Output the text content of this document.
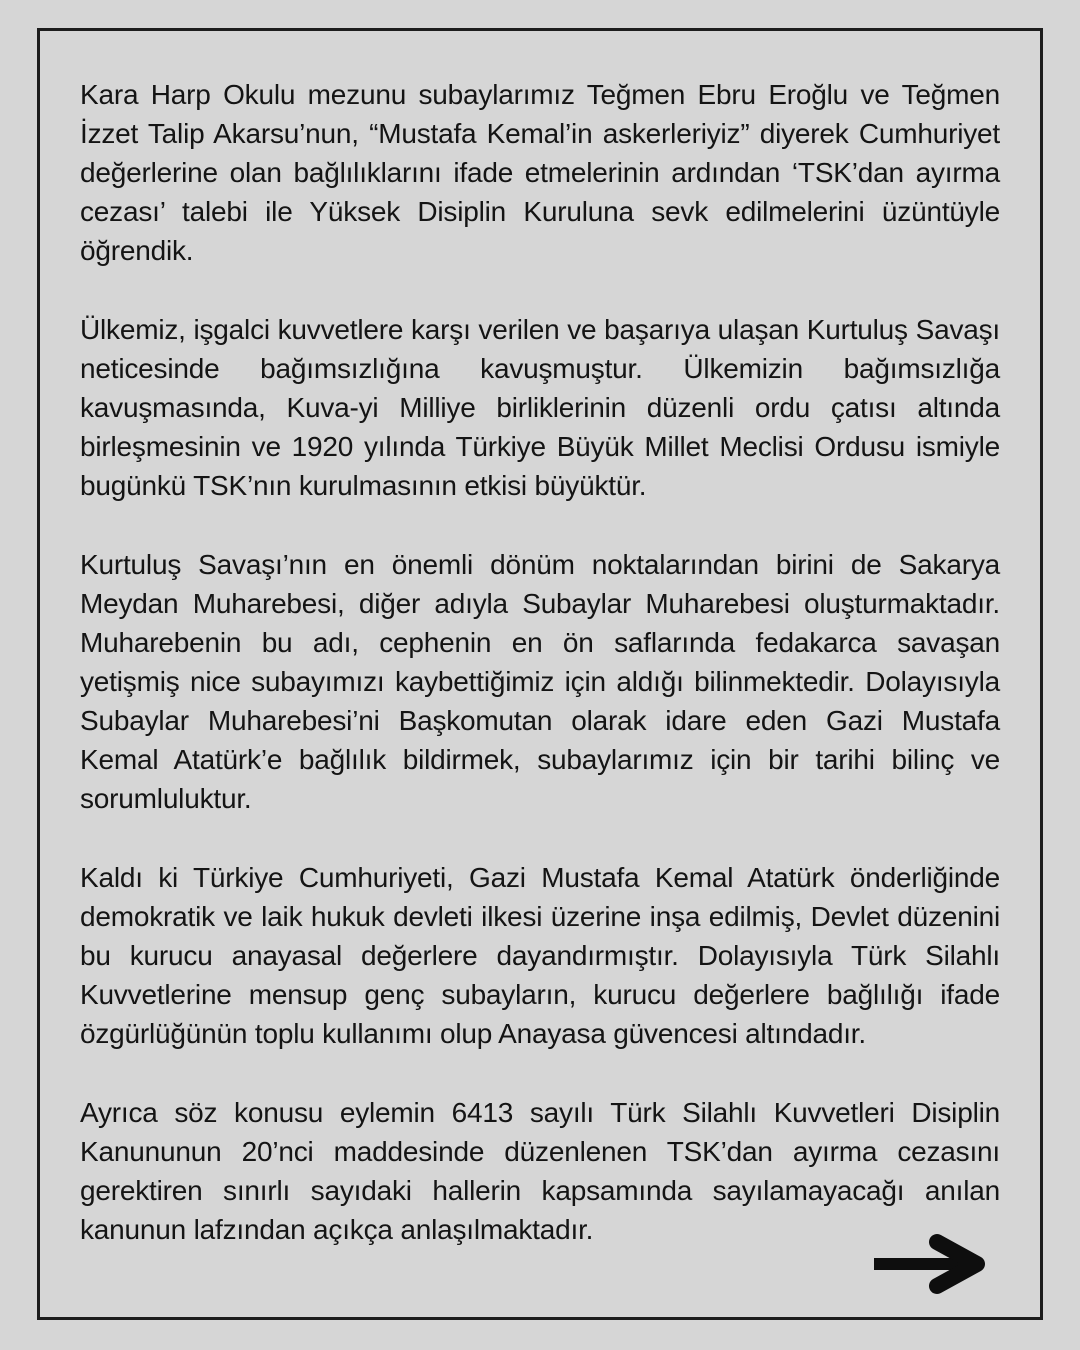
Kara Harp Okulu mezunu subaylarımız Teğmen Ebru Eroğlu ve Teğmen İzzet Talip Akarsu’nun, “Mustafa Kemal’in askerleriyiz” diyerek Cumhuriyet değerlerine olan bağlılıklarını ifade etmelerinin ardından ‘TSK’dan ayırma cezası’ talebi ile Yüksek Disiplin Kuruluna sevk edilmelerini üzüntüyle öğrendik.

Ülkemiz, işgalci kuvvetlere karşı verilen ve başarıya ulaşan Kurtuluş Savaşı neticesinde bağımsızlığına kavuşmuştur. Ülkemizin bağımsızlığa kavuşmasında, Kuva-yi Milliye birliklerinin düzenli ordu çatısı altında birleşmesinin ve 1920 yılında Türkiye Büyük Millet Meclisi Ordusu ismiyle bugünkü TSK’nın kurulmasının etkisi büyüktür.

Kurtuluş Savaşı’nın en önemli dönüm noktalarından birini de Sakarya Meydan Muharebesi, diğer adıyla Subaylar Muharebesi oluşturmaktadır. Muharebenin bu adı, cephenin en ön saflarında fedakarca savaşan yetişmiş nice subayımızı kaybettiğimiz için aldığı bilinmektedir. Dolayısıyla Subaylar Muharebesi’ni Başkomutan olarak idare eden Gazi Mustafa Kemal Atatürk’e bağlılık bildirmek, subaylarımız için bir tarihi bilinç ve sorumluluktur.

Kaldı ki Türkiye Cumhuriyeti, Gazi Mustafa Kemal Atatürk önderliğinde demokratik ve laik hukuk devleti ilkesi üzerine inşa edilmiş, Devlet düzenini bu kurucu anayasal değerlere dayandırmıştır. Dolayısıyla Türk Silahlı Kuvvetlerine mensup genç subayların, kurucu değerlere bağlılığı ifade özgürlüğünün toplu kullanımı olup Anayasa güvencesi altındadır.

Ayrıca söz konusu eylemin 6413 sayılı Türk Silahlı Kuvvetleri Disiplin Kanununun 20’nci maddesinde düzenlenen TSK’dan ayırma cezasını gerektiren sınırlı sayıdaki hallerin kapsamında sayılamayacağı anılan kanunun lafzından açıkça anlaşılmaktadır.
